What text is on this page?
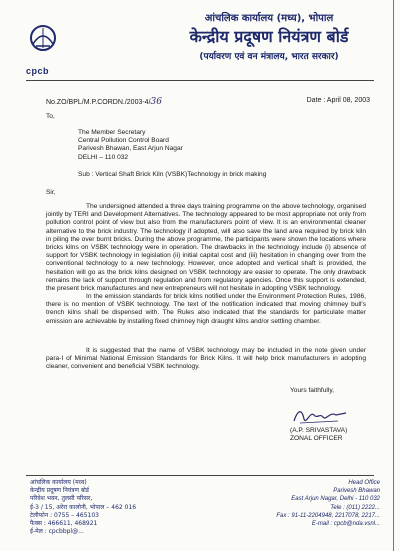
cpcb
आंचलिक कार्यालय (मध्य), भोपाल
केन्द्रीय प्रदूषण नियंत्रण बोर्ड
(पर्यावरण एवं वन मंत्रालय, भारत सरकार)
No.ZO/BPL/M.P.CORDN./2003-4/36	Date : April 08, 2003
To,
The Member Secretary
Central Pollution Control Board
Parivesh Bhawan, East Arjun Nagar
DELHI – 110 032
Sub : Vertical Shaft Brick Kiln (VSBK)Technology in brick making
Sir,
The undersigned attended a three days training programme on the above technology, organised jointly by TERI and Development Alternatives. The technology appeared to be most appropriate not only from pollution control point of view but also from the manufacturers point of view. It is an environmental cleaner alternative to the brick industry. The technology if adopted, will also save the land area required by brick kiln in piling the over burnt bricks. During the above programme, the participants were shown the locations where bricks kilns on VSBK technology were in operation. The drawbacks in the technology include (i) absence of support for VSBK technology in legislation (ii) initial capital cost and (iii) hesitation in changing over from the conventional technology to a new technology. However, once adopted and vertical shaft is provided, the hesitation will go as the brick kilns designed on VSBK technology are easier to operate. The only drawback remains the lack of support through regulation and from regulatory agencies. Once this support is extended, the present brick manufactures and new entrepreneurs will not hesitate in adopting VSBK technology.
In the emission standards for brick kilns notified under the Environment Protection Rules, 1986, there is no mention of VSBK technology. The text of the notification indicated that moving chimney bull's trench kilns shall be dispensed with. The Rules also indicated that the standards for particulate matter emission are achievable by installing fixed chimney high draught kilns and/or settling chamber.
It is suggested that the name of VSBK technology may be included in the note given under para-I of Minimal National Emission Standards for Brick Kilns. It will help brick manufacturers in adopting cleaner, convenient and beneficial VSBK technology.
Yours faithfully,
(A.P. SRIVASTAVA)
ZONAL OFFICER
आंचलिक कार्यालय (मध्य)
केन्द्रीय प्रदूषण नियंत्रण बोर्ड
परिवेश भवन, तुलसी परिसर,
ई-3 / 15, अरेरा कालोनी, भोपाल – 462 016
टेलीफोन : 0755 – 465103
फैक्स : 466611, 468921
ई-मेल : cpcbbpl@...
Head Office
Parivesh Bhawan
East Arjun Nagar, Delhi - 110 032
Tele : (011) 2222...
Fax : 91-11-2204948, 2217078, 2217...
E-mail : cpcb@nda.vsnl...
